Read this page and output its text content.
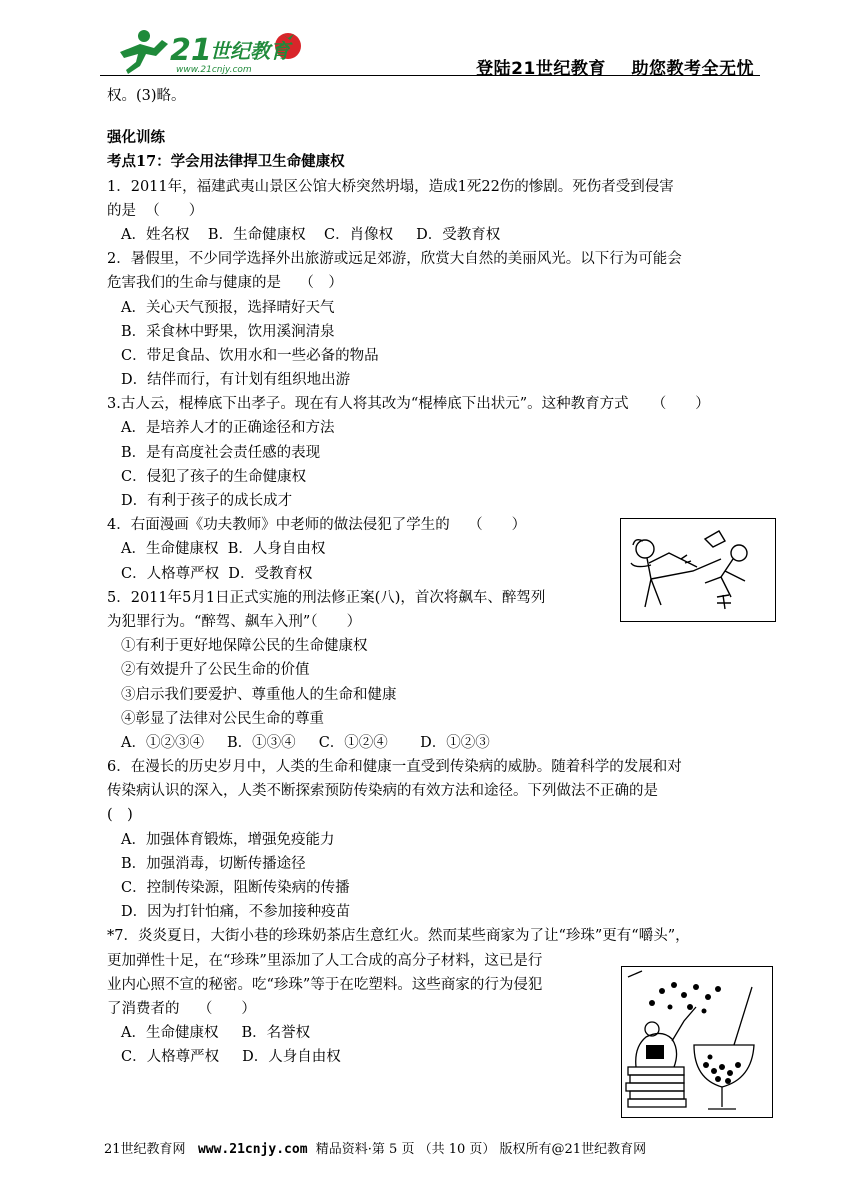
21
世纪教育
www.21cnjy.com	登陆21世纪教育    助您教考全无忧
权。(3)略。
强化训练
考点17：学会用法律捍卫生命健康权
1．2011年，福建武夷山景区公馆大桥突然坍塌，造成1死22伤的惨剧。死伤者受到侵害
的是  （　　）
A．姓名权    B．生命健康权    C．肖像权     D．受教育权
2．暑假里，不少同学选择外出旅游或远足郊游，欣赏大自然的美丽风光。以下行为可能会
危害我们的生命与健康的是    （　）
A．关心天气预报，选择晴好天气
B．采食林中野果，饮用溪涧清泉
C．带足食品、饮用水和一些必备的物品
D．结伴而行，有计划有组织地出游
3.古人云，棍棒底下出孝子。现在有人将其改为“棍棒底下出状元”。这种教育方式     （　　）
A．是培养人才的正确途径和方法
B．是有高度社会责任感的表现
C．侵犯了孩子的生命健康权
D．有利于孩子的成长成才
4．右面漫画《功夫教师》中老师的做法侵犯了学生的    （　　）
A．生命健康权  B．人身自由权
C．人格尊严权  D．受教育权
5．2011年5月1日正式实施的刑法修正案(八)，首次将飙车、醉驾列
为犯罪行为。“醉驾、飙车入刑”（　　）
①有利于更好地保障公民的生命健康权
②有效提升了公民生命的价值
③启示我们要爱护、尊重他人的生命和健康
④彰显了法律对公民生命的尊重
A．①②③④     B．①③④     C．①②④       D．①②③
6．在漫长的历史岁月中，人类的生命和健康一直受到传染病的威胁。随着科学的发展和对
传染病认识的深入，人类不断探索预防传染病的有效方法和途径。下列做法不正确的是
(　)
A．加强体育锻炼，增强免疫能力
B．加强消毒，切断传播途径
C．控制传染源，阻断传染病的传播
D．因为打针怕痛，不参加接种疫苗
*7．炎炎夏日，大街小巷的珍珠奶茶店生意红火。然而某些商家为了让“珍珠”更有“嚼头”，
更加弹性十足，在“珍珠”里添加了人工合成的高分子材料，这已是行
业内心照不宣的秘密。吃“珍珠”等于在吃塑料。这些商家的行为侵犯
了消费者的    （　　）
A．生命健康权     B．名誉权
C．人格尊严权     D．人身自由权
21世纪教育网   www.21cnjy.com  精品资料·第 5 页 （共 10 页） 版权所有@21世纪教育网
